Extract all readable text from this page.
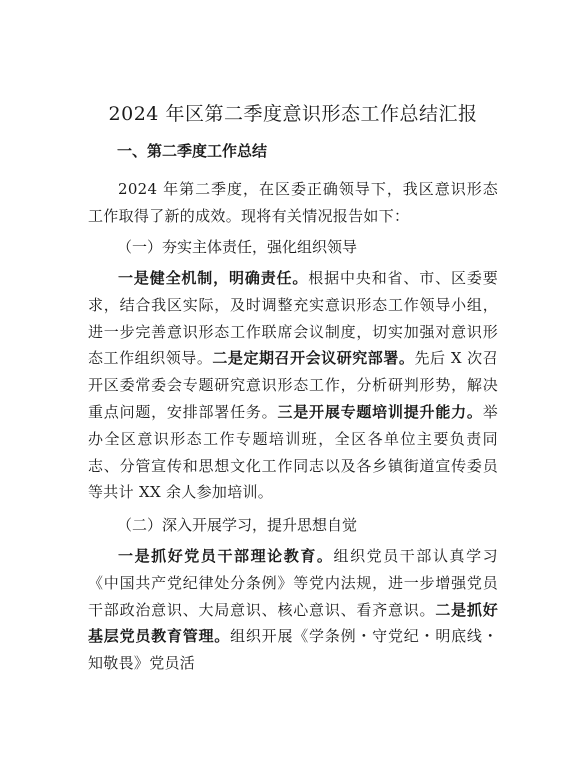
2024 年区第二季度意识形态工作总结汇报
一、第二季度工作总结

2024 年第二季度，在区委正确领导下，我区意识形态工作取得了新的成效。现将有关情况报告如下：

（一）夯实主体责任，强化组织领导

一是健全机制，明确责任。根据中央和省、市、区委要求，结合我区实际，及时调整充实意识形态工作领导小组，进一步完善意识形态工作联席会议制度，切实加强对意识形态工作组织领导。二是定期召开会议研究部署。先后 X 次召开区委常委会专题研究意识形态工作，分析研判形势，解决重点问题，安排部署任务。三是开展专题培训提升能力。举办全区意识形态工作专题培训班，全区各单位主要负责同志、分管宣传和思想文化工作同志以及各乡镇街道宣传委员等共计 XX 余人参加培训。

（二）深入开展学习，提升思想自觉

一是抓好党员干部理论教育。组织党员干部认真学习《中国共产党纪律处分条例》等党内法规，进一步增强党员干部政治意识、大局意识、核心意识、看齐意识。二是抓好基层党员教育管理。组织开展《学条例・守党纪・明底线・知敬畏》党员活
